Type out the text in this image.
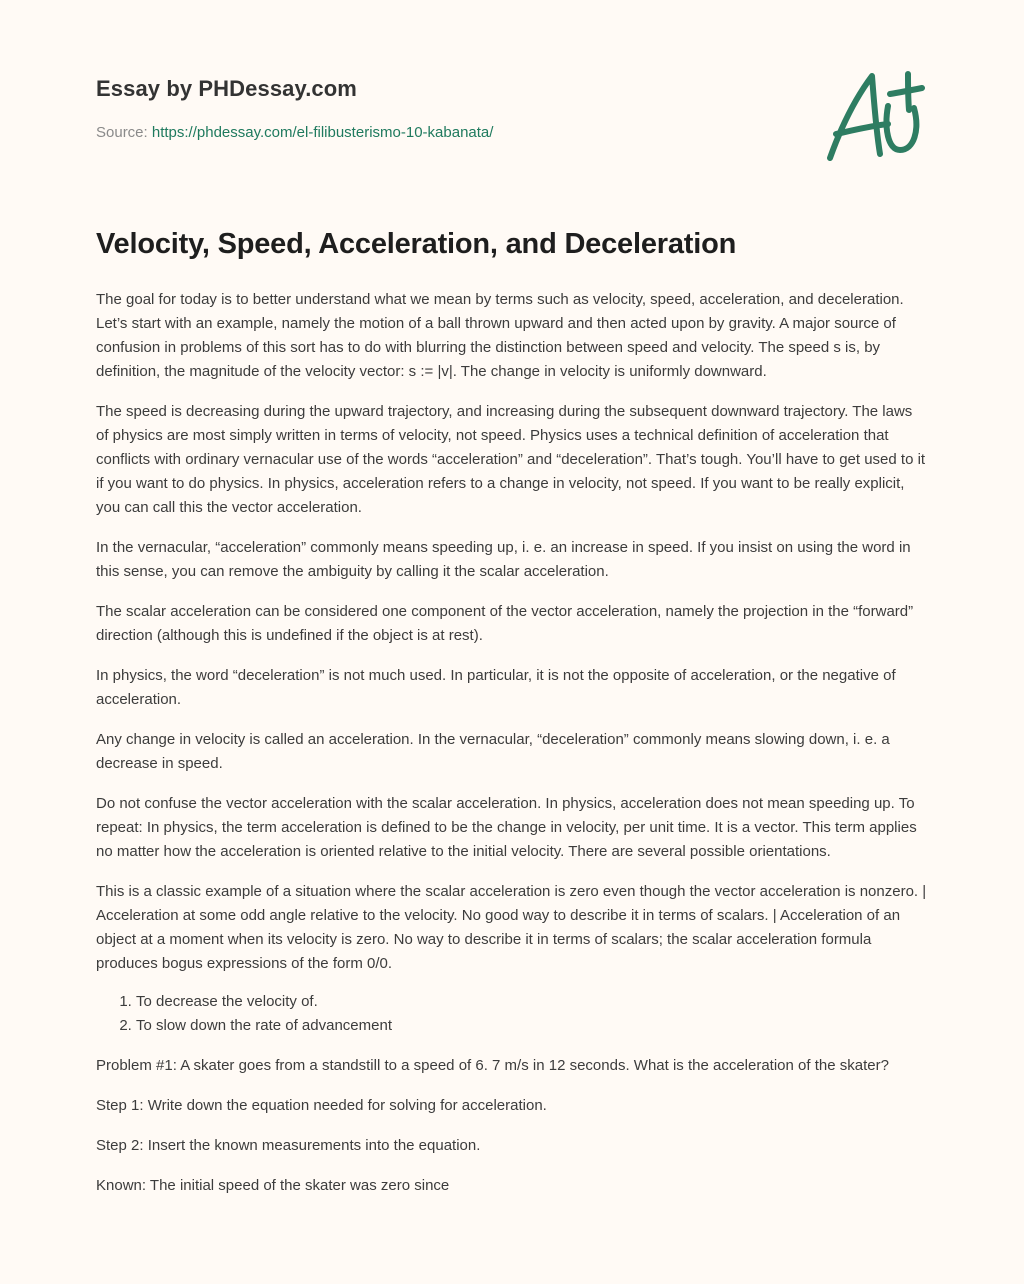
Essay by PHDessay.com
Source: https://phdessay.com/el-filibusterismo-10-kabanata/
Velocity, Speed, Acceleration, and Deceleration

The goal for today is to better understand what we mean by terms such as velocity, speed, acceleration, and deceleration. Let’s start with an example, namely the motion of a ball thrown upward and then acted upon by gravity. A major source of confusion in problems of this sort has to do with blurring the distinction between speed and velocity. The speed s is, by definition, the magnitude of the velocity vector: s := |v|. The change in velocity is uniformly downward.

The speed is decreasing during the upward trajectory, and increasing during the subsequent downward trajectory. The laws of physics are most simply written in terms of velocity, not speed. Physics uses a technical definition of acceleration that conflicts with ordinary vernacular use of the words “acceleration” and “deceleration”. That’s tough. You’ll have to get used to it if you want to do physics. In physics, acceleration refers to a change in velocity, not speed. If you want to be really explicit, you can call this the vector acceleration.

In the vernacular, “acceleration” commonly means speeding up, i. e. an increase in speed. If you insist on using the word in this sense, you can remove the ambiguity by calling it the scalar acceleration.

The scalar acceleration can be considered one component of the vector acceleration, namely the projection in the “forward” direction (although this is undefined if the object is at rest).

In physics, the word “deceleration” is not much used. In particular, it is not the opposite of acceleration, or the negative of acceleration.

Any change in velocity is called an acceleration. In the vernacular, “deceleration” commonly means slowing down, i. e. a decrease in speed.

Do not confuse the vector acceleration with the scalar acceleration. In physics, acceleration does not mean speeding up. To repeat: In physics, the term acceleration is defined to be the change in velocity, per unit time. It is a vector. This term applies no matter how the acceleration is oriented relative to the initial velocity. There are several possible orientations.

This is a classic example of a situation where the scalar acceleration is zero even though the vector acceleration is nonzero. | Acceleration at some odd angle relative to the velocity. No good way to describe it in terms of scalars. | Acceleration of an object at a moment when its velocity is zero. No way to describe it in terms of scalars; the scalar acceleration formula produces bogus expressions of the form 0/0.

1. To decrease the velocity of.
2. To slow down the rate of advancement

Problem #1: A skater goes from a standstill to a speed of 6. 7 m/s in 12 seconds. What is the acceleration of the skater?

Step 1: Write down the equation needed for solving for acceleration.

Step 2: Insert the known measurements into the equation.

Known: The initial speed of the skater was zero since
